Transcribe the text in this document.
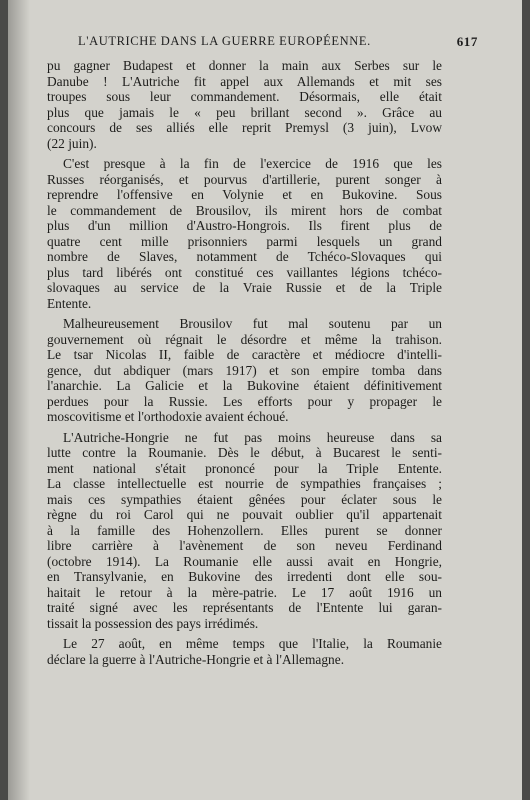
L'AUTRICHE DANS LA GUERRE EUROPÉENNE.	617
pu gagner Budapest et donner la main aux Serbes sur le
Danube ! L'Autriche fit appel aux Allemands et mit ses
troupes sous leur commandement. Désormais, elle était
plus que jamais le « peu brillant second ». Grâce au
concours de ses alliés elle reprit Premysl (3 juin), Lvow
(22 juin).
C'est presque à la fin de l'exercice de 1916 que les
Russes réorganisés, et pourvus d'artillerie, purent songer à
reprendre l'offensive en Volynie et en Bukovine. Sous
le commandement de Brousilov, ils mirent hors de combat
plus d'un million d'Austro-Hongrois. Ils firent plus de
quatre cent mille prisonniers parmi lesquels un grand
nombre de Slaves, notamment de Tchéco-Slovaques qui
plus tard libérés ont constitué ces vaillantes légions tchéco-
slovaques au service de la Vraie Russie et de la Triple
Entente.
Malheureusement Brousilov fut mal soutenu par un
gouvernement où régnait le désordre et même la trahison.
Le tsar Nicolas II, faible de caractère et médiocre d'intelli-
gence, dut abdiquer (mars 1917) et son empire tomba dans
l'anarchie. La Galicie et la Bukovine étaient définitivement
perdues pour la Russie. Les efforts pour y propager le
moscovitisme et l'orthodoxie avaient échoué.
L'Autriche-Hongrie ne fut pas moins heureuse dans sa
lutte contre la Roumanie. Dès le début, à Bucarest le senti-
ment national s'était prononcé pour la Triple Entente.
La classe intellectuelle est nourrie de sympathies françaises ;
mais ces sympathies étaient gênées pour éclater sous le
règne du roi Carol qui ne pouvait oublier qu'il appartenait
à la famille des Hohenzollern. Elles purent se donner
libre carrière à l'avènement de son neveu Ferdinand
(octobre 1914). La Roumanie elle aussi avait en Hongrie,
en Transylvanie, en Bukovine des irredenti dont elle sou-
haitait le retour à la mère-patrie. Le 17 août 1916 un
traité signé avec les représentants de l'Entente lui garan-
tissait la possession des pays irrédimés.
Le 27 août, en même temps que l'Italie, la Roumanie
déclare la guerre à l'Autriche-Hongrie et à l'Allemagne.
